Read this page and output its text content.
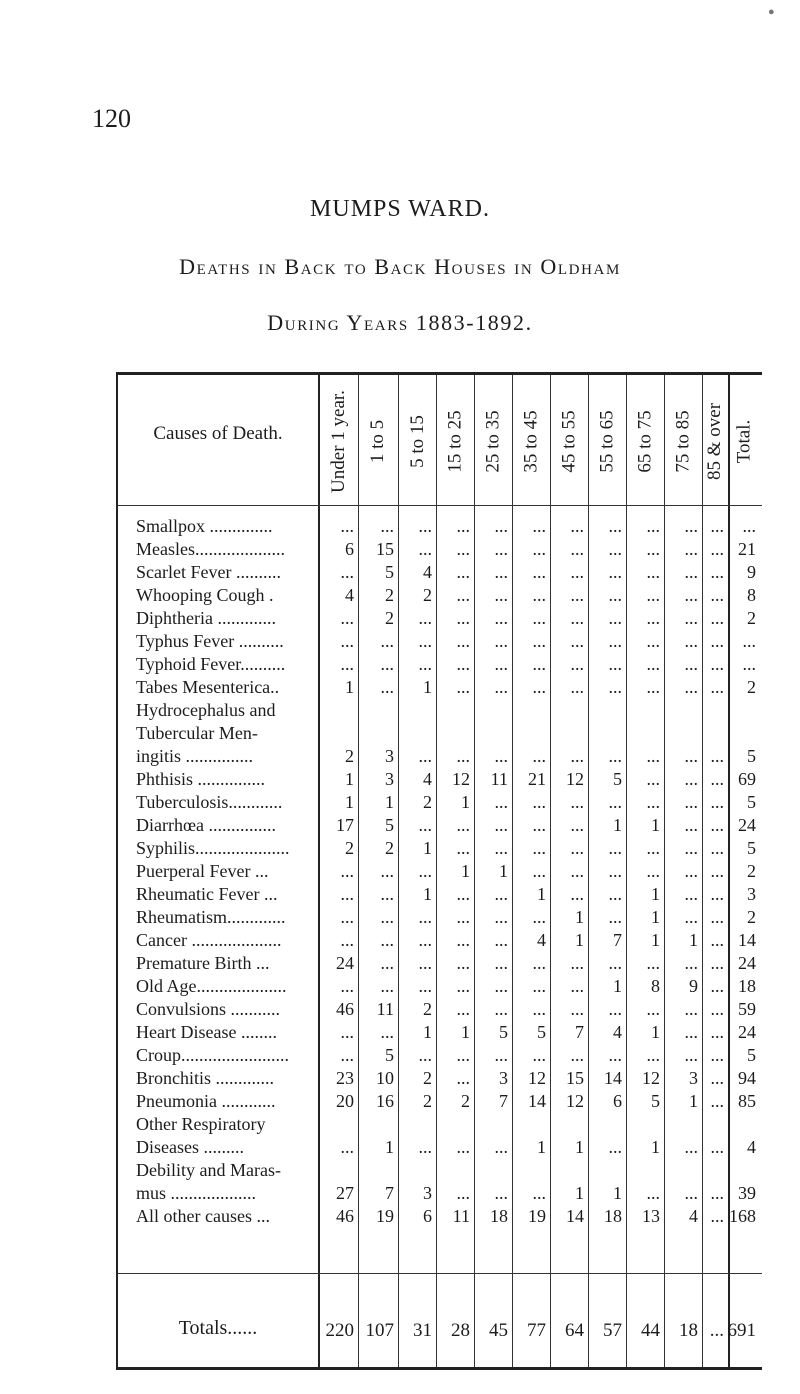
●
120
MUMPS WARD.
Deaths in Back to Back Houses in Oldham
During Years 1883-1892.
Causes of Death.	Under 1 year. 1 to 5 5 to 15 15 to 25 25 to 35 35 to 45 45 to 55 55 to 65 65 to 75 75 to 85 85 & over Total.
Smallpox ..............	...	...	...	...	...	...	...	...	...	... ...	...
Measles....................	6	15	...	...	...	...	...	...	...	... ... 21
Scarlet Fever ..........	...	5	4	...	...	...	...	...	...	... ...	9
Whooping Cough .	4	2	2	...	...	...	...	...	...	... ...	8
Diphtheria .............	...	2	...	...	...	...	...	...	...	... ...	2
Typhus Fever ..........	...	...	...	...	...	...	...	...	...	... ...	...
Typhoid Fever..........	...	...	...	...	...	...	...	...	...	... ...	...
Tabes Mesenterica..	1	...	1	...	...	...	...	...	...	... ...	2
Hydrocephalus and
Tubercular Men-
ingitis ...............	2	3	...	...	...	...	...	...	...	... ...	5
Phthisis ...............	1	3	4	12	11	21	12	5	...	... ... 69
Tuberculosis............	1	1	2	1	...	...	...	...	...	... ...	5
Diarrhœa ...............	17	5	...	...	...	...	...	1	1	... ... 24
Syphilis.....................	2	2	1	...	...	...	...	...	...	... ...	5
Puerperal Fever ...	...	...	...	1	1	...	...	...	...	... ...	2
Rheumatic Fever ...	...	...	1	...	...	1	...	...	1	... ...	3
Rheumatism.............	...	...	...	...	...	...	1	...	1	... ...	2
Cancer ....................	...	...	...	...	...	4	1	7	1	1 ... 14
Premature Birth ...	24	...	...	...	...	...	...	...	...	... ... 24
Old Age....................	...	...	...	...	...	...	...	1	8	9 ... 18
Convulsions ...........	46	11	2	...	...	...	...	...	...	... ... 59
Heart Disease ........	...	...	1	1	5	5	7	4	1	... ... 24
Croup........................	...	5	...	...	...	...	...	...	...	... ...	5
Bronchitis .............	23	10	2	...	3	12	15	14	12	3 ... 94
Pneumonia ............	20	16	2	2	7	14	12	6	5	1 ... 85
Other Respiratory
Diseases .........	...	1	...	...	...	1	1	...	1	... ...	4
Debility and Maras-
mus ...................	27	7	3	...	...	...	1	1	...	... ... 39
All other causes ...	46	19	6	11	18	19	14	18	13	4 ... 168
Totals......	220 107	31	28	45	77	64	57	44	18 ... 691
